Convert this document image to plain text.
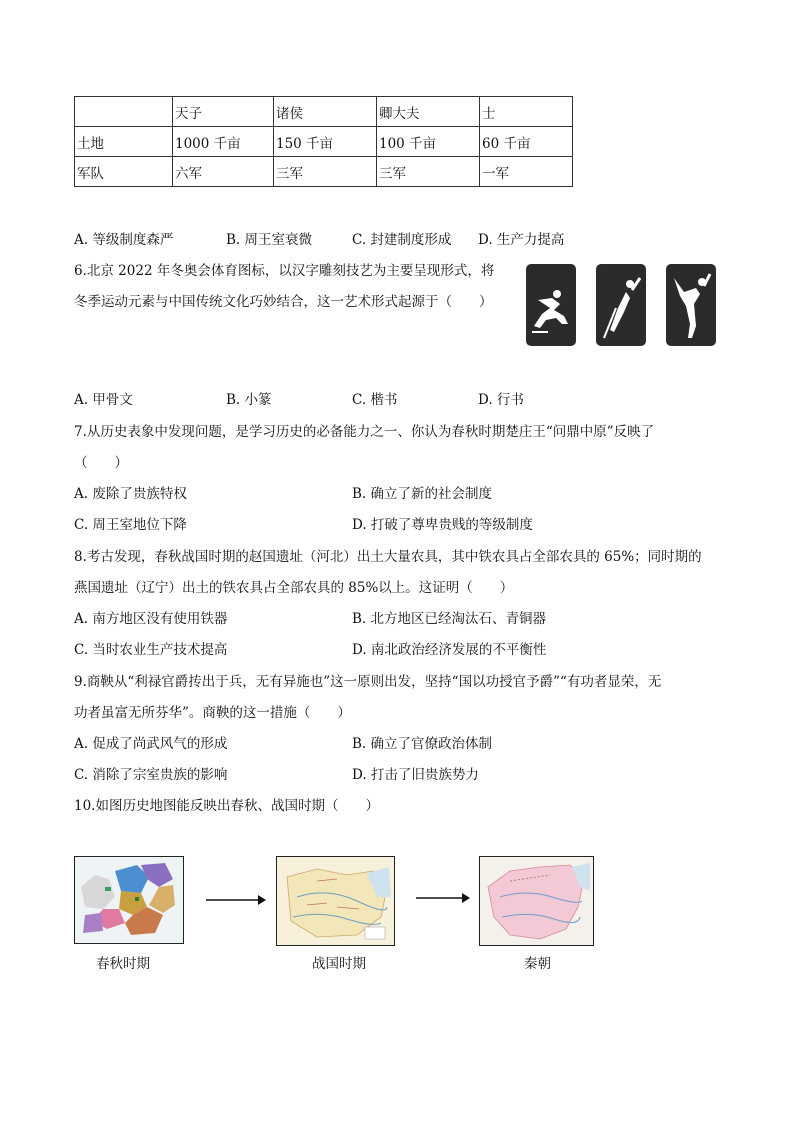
	天子	诸侯	卿大夫	士
土地	1000 千亩	150 千亩	100 千亩	60 千亩
军队	六军	三军	三军	一军
A. 等级制度森严	B. 周王室衰微	C. 封建制度形成 D. 生产力提高
6.北京 2022 年冬奥会体育图标，以汉字雕刻技艺为主要呈现形式，将
冬季运动元素与中国传统文化巧妙结合，这一艺术形式起源于（　　）
A. 甲骨文	B. 小篆	C. 楷书	D. 行书
7.从历史表象中发现问题，是学习历史的必备能力之一、你认为春秋时期楚庄王“问鼎中原”反映了
（　　）
A. 废除了贵族特权	B. 确立了新的社会制度
C. 周王室地位下降	D. 打破了尊卑贵贱的等级制度
8.考古发现，春秋战国时期的赵国遗址（河北）出土大量农具，其中铁农具占全部农具的 65%；同时期的
燕国遗址（辽宁）出土的铁农具占全部农具的 85%以上。这证明（　　）
A. 南方地区没有使用铁器	B. 北方地区已经淘汰石、青铜器
C. 当时农业生产技术提高	D. 南北政治经济发展的不平衡性
9.商鞅从“利禄官爵抟出于兵，无有异施也”这一原则出发，坚持“国以功授官予爵”“有功者显荣，无
功者虽富无所芬华”。商鞅的这一措施（　　）
A. 促成了尚武风气的形成	B. 确立了官僚政治体制
C. 消除了宗室贵族的影响	D. 打击了旧贵族势力
10.如图历史地图能反映出春秋、战国时期（　　）
春秋时期	战国时期	秦朝
